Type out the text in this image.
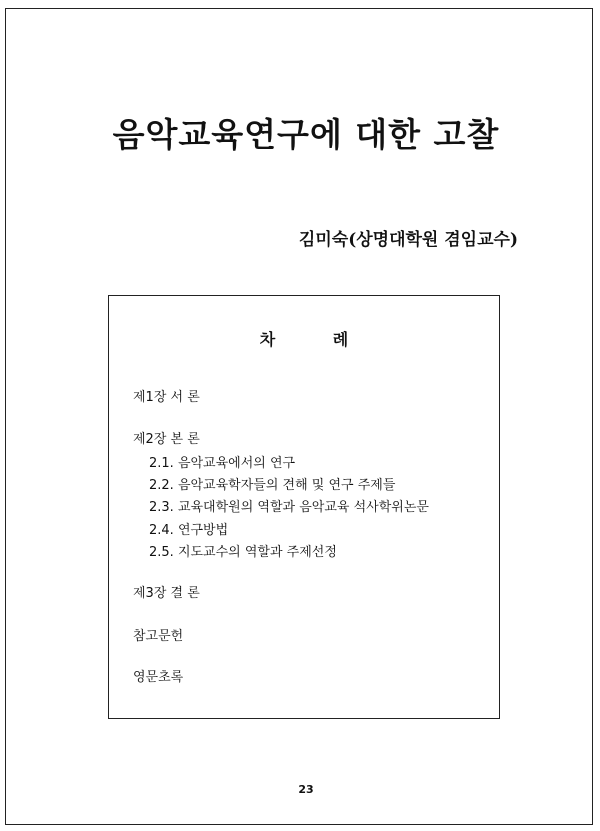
음악교육연구에 대한 고찰
김미숙(상명대학원 겸임교수)
차 례
제1장 서 론
제2장 본 론
2.1. 음악교육에서의 연구
2.2. 음악교육학자들의 견해 및 연구 주제들
2.3. 교육대학원의 역할과 음악교육 석사학위논문
2.4. 연구방법
2.5. 지도교수의 역할과 주제선정
제3장 결 론
참고문헌
영문초록
23
